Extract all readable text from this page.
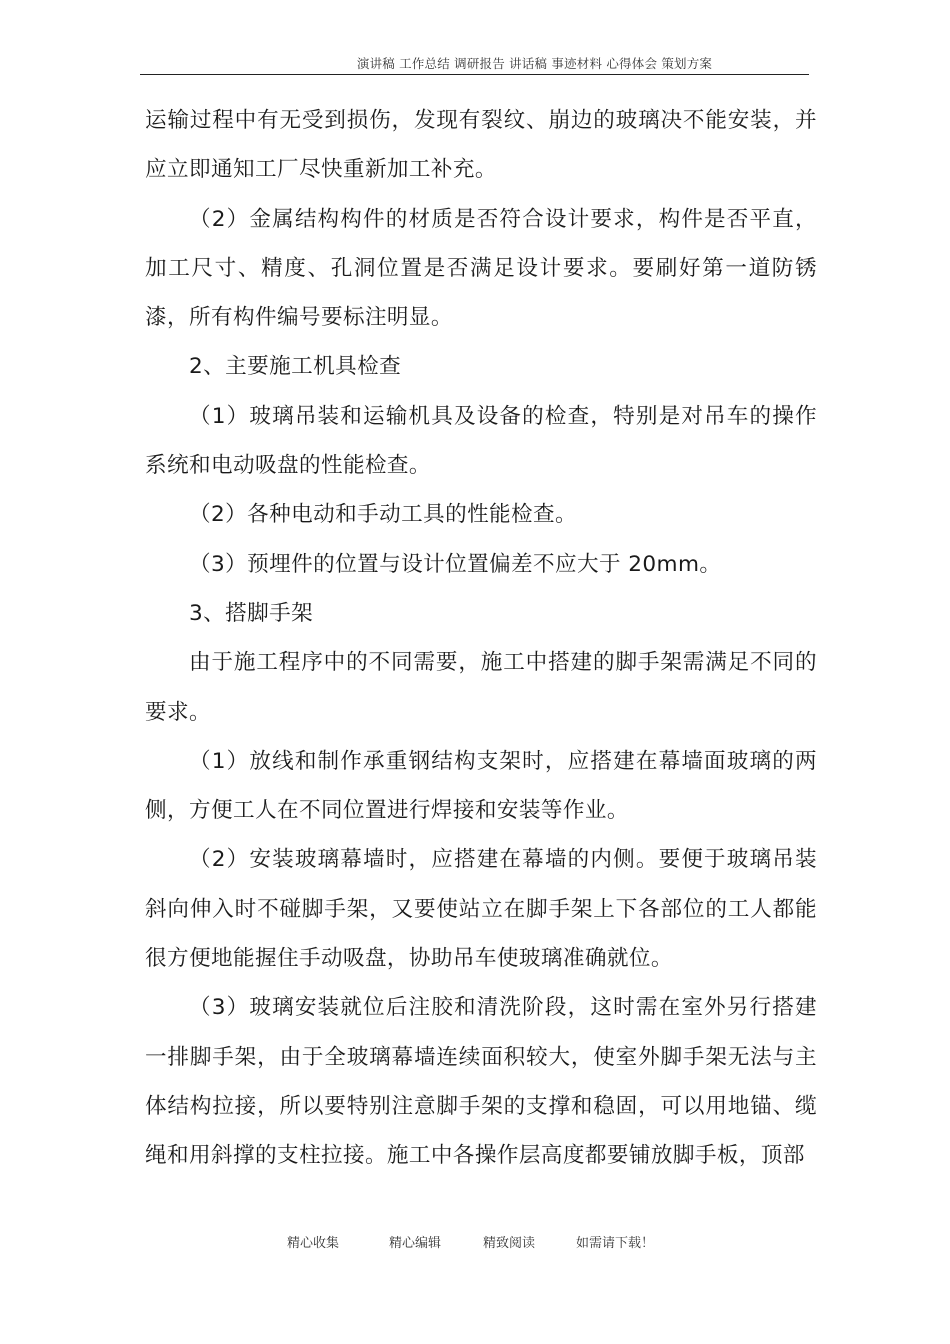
演讲稿 工作总结 调研报告 讲话稿 事迹材料 心得体会 策划方案

运输过程中有无受到损伤，发现有裂纹、崩边的玻璃决不能安装，并应立即通知工厂尽快重新加工补充。

（2）金属结构构件的材质是否符合设计要求，构件是否平直，加工尺寸、精度、孔洞位置是否满足设计要求。要刷好第一道防锈漆，所有构件编号要标注明显。

2、主要施工机具检查

（1）玻璃吊装和运输机具及设备的检查，特别是对吊车的操作系统和电动吸盘的性能检查。

（2）各种电动和手动工具的性能检查。

（3）预埋件的位置与设计位置偏差不应大于 20mm。

3、搭脚手架

由于施工程序中的不同需要，施工中搭建的脚手架需满足不同的要求。

（1）放线和制作承重钢结构支架时，应搭建在幕墙面玻璃的两侧，方便工人在不同位置进行焊接和安装等作业。

（2）安装玻璃幕墙时，应搭建在幕墙的内侧。要便于玻璃吊装斜向伸入时不碰脚手架，又要使站立在脚手架上下各部位的工人都能很方便地能握住手动吸盘，协助吊车使玻璃准确就位。

（3）玻璃安装就位后注胶和清洗阶段，这时需在室外另行搭建一排脚手架，由于全玻璃幕墙连续面积较大，使室外脚手架无法与主体结构拉接，所以要特别注意脚手架的支撑和稳固，可以用地锚、缆绳和用斜撑的支柱拉接。施工中各操作层高度都要铺放脚手板，顶部

精心收集	精心编辑	精致阅读	如需请下载！
